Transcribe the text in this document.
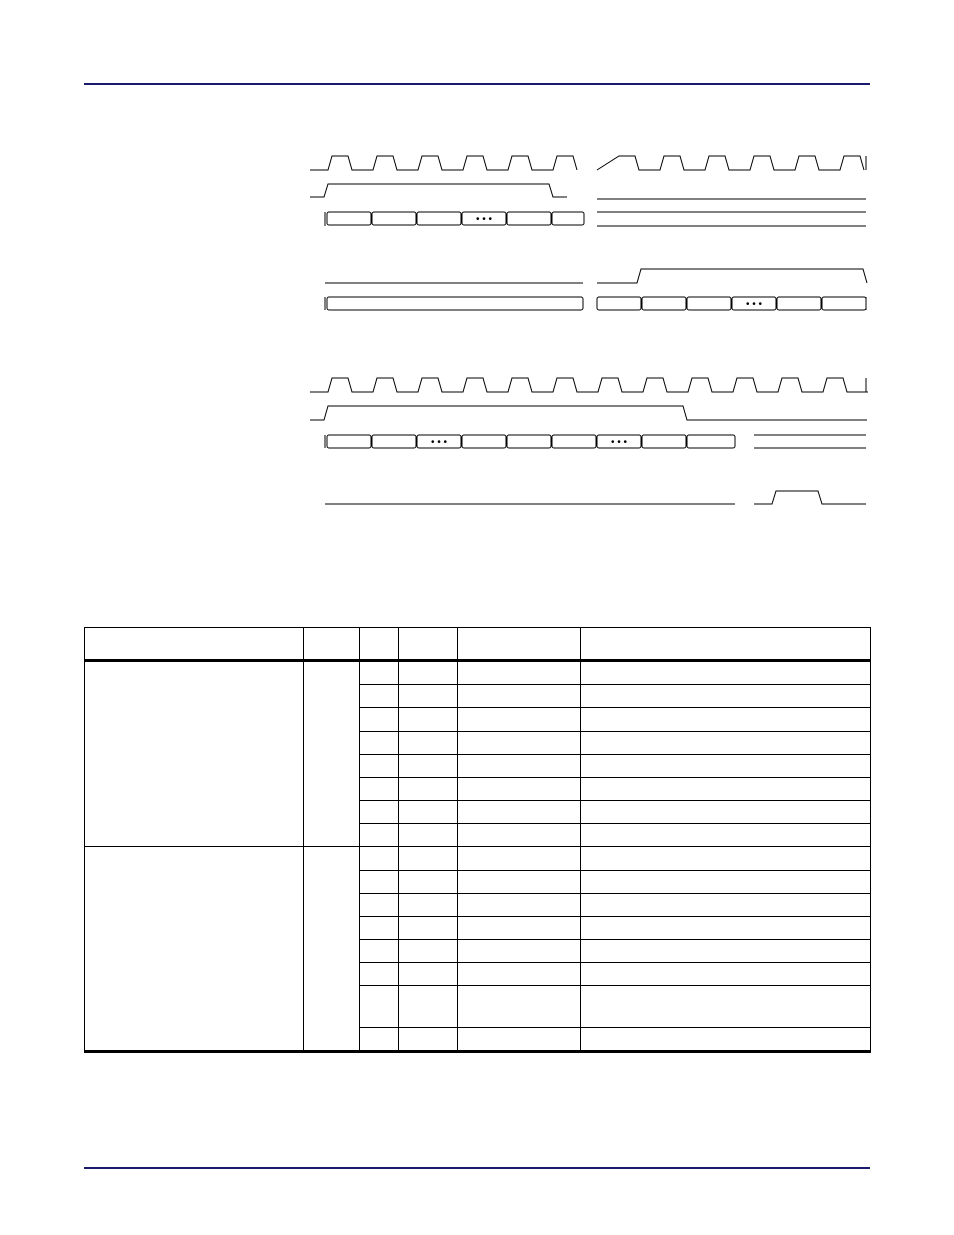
• • •
• • •
• • •	• • •
